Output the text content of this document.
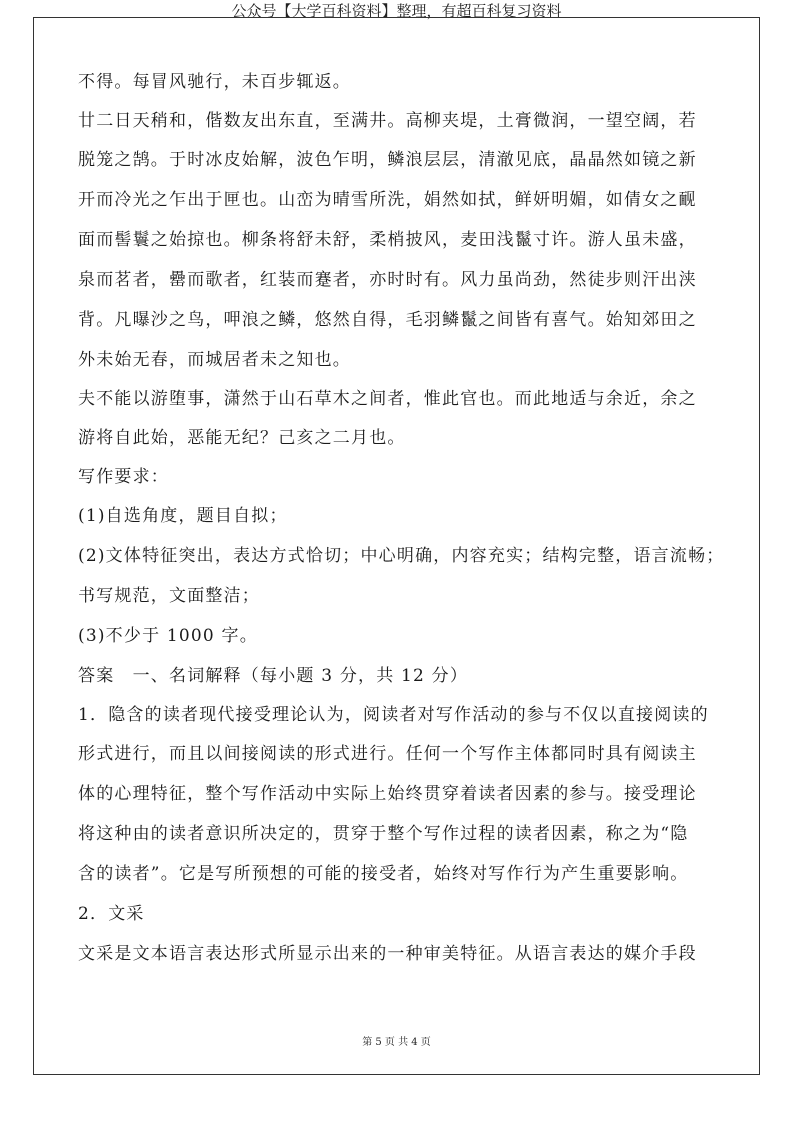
公众号【大学百科资料】整理，有超百科复习资料
不得。每冒风驰行，未百步辄返。
廿二日天稍和，偕数友出东直，至满井。高柳夹堤，土膏微润，一望空阔，若
脱笼之鹄。于时冰皮始解，波色乍明，鳞浪层层，清澈见底，晶晶然如镜之新
开而冷光之乍出于匣也。山峦为晴雪所洗，娟然如拭，鲜妍明媚，如倩女之䩄
面而髻鬟之始掠也。柳条将舒未舒，柔梢披风，麦田浅鬣寸许。游人虽未盛，
泉而茗者，罍而歌者，红装而蹇者，亦时时有。风力虽尚劲，然徒步则汗出浃
背。凡曝沙之鸟，呷浪之鳞，悠然自得，毛羽鳞鬣之间皆有喜气。始知郊田之
外未始无春，而城居者未之知也。
夫不能以游堕事，潇然于山石草木之间者，惟此官也。而此地适与余近，余之
游将自此始，恶能无纪？己亥之二月也。
写作要求：
(1)自选角度，题目自拟；
(2)文体特征突出，表达方式恰切；中心明确，内容充实；结构完整，语言流畅；
书写规范，文面整洁；
(3)不少于 1000 字。
答案　一、名词解释（每小题 3 分，共 12 分）
1．隐含的读者现代接受理论认为，阅读者对写作活动的参与不仅以直接阅读的
形式进行，而且以间接阅读的形式进行。任何一个写作主体都同时具有阅读主
体的心理特征，整个写作活动中实际上始终贯穿着读者因素的参与。接受理论
将这种由的读者意识所决定的，贯穿于整个写作过程的读者因素，称之为“隐
含的读者”。它是写所预想的可能的接受者，始终对写作行为产生重要影响。
2．文采
文采是文本语言表达形式所显示出来的一种审美特征。从语言表达的媒介手段
第 5 页 共 4 页
